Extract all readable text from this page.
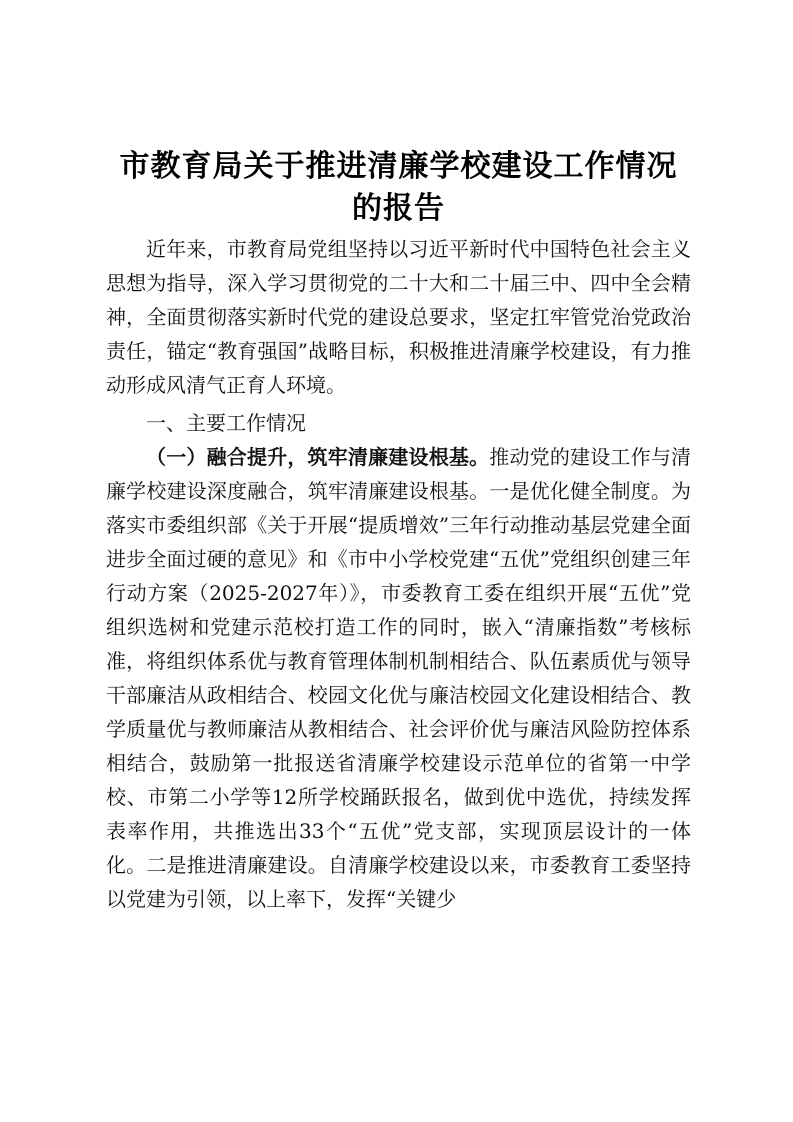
市教育局关于推进清廉学校建设工作情况的报告

近年来，市教育局党组坚持以习近平新时代中国特色社会主义思想为指导，深入学习贯彻党的二十大和二十届三中、四中全会精神，全面贯彻落实新时代党的建设总要求，坚定扛牢管党治党政治责任，锚定“教育强国”战略目标，积极推进清廉学校建设，有力推动形成风清气正育人环境。

一、主要工作情况

（一）融合提升，筑牢清廉建设根基。推动党的建设工作与清廉学校建设深度融合，筑牢清廉建设根基。一是优化健全制度。为落实市委组织部《关于开展“提质增效”三年行动推动基层党建全面进步全面过硬的意见》和《市中小学校党建“五优”党组织创建三年行动方案（2025-2027年）》，市委教育工委在组织开展“五优”党组织选树和党建示范校打造工作的同时，嵌入“清廉指数”考核标准，将组织体系优与教育管理体制机制相结合、队伍素质优与领导干部廉洁从政相结合、校园文化优与廉洁校园文化建设相结合、教学质量优与教师廉洁从教相结合、社会评价优与廉洁风险防控体系相结合，鼓励第一批报送省清廉学校建设示范单位的省第一中学校、市第二小学等12所学校踊跃报名，做到优中选优，持续发挥表率作用，共推选出33个“五优”党支部，实现顶层设计的一体化。二是推进清廉建设。自清廉学校建设以来，市委教育工委坚持以党建为引领，以上率下，发挥“关键少
